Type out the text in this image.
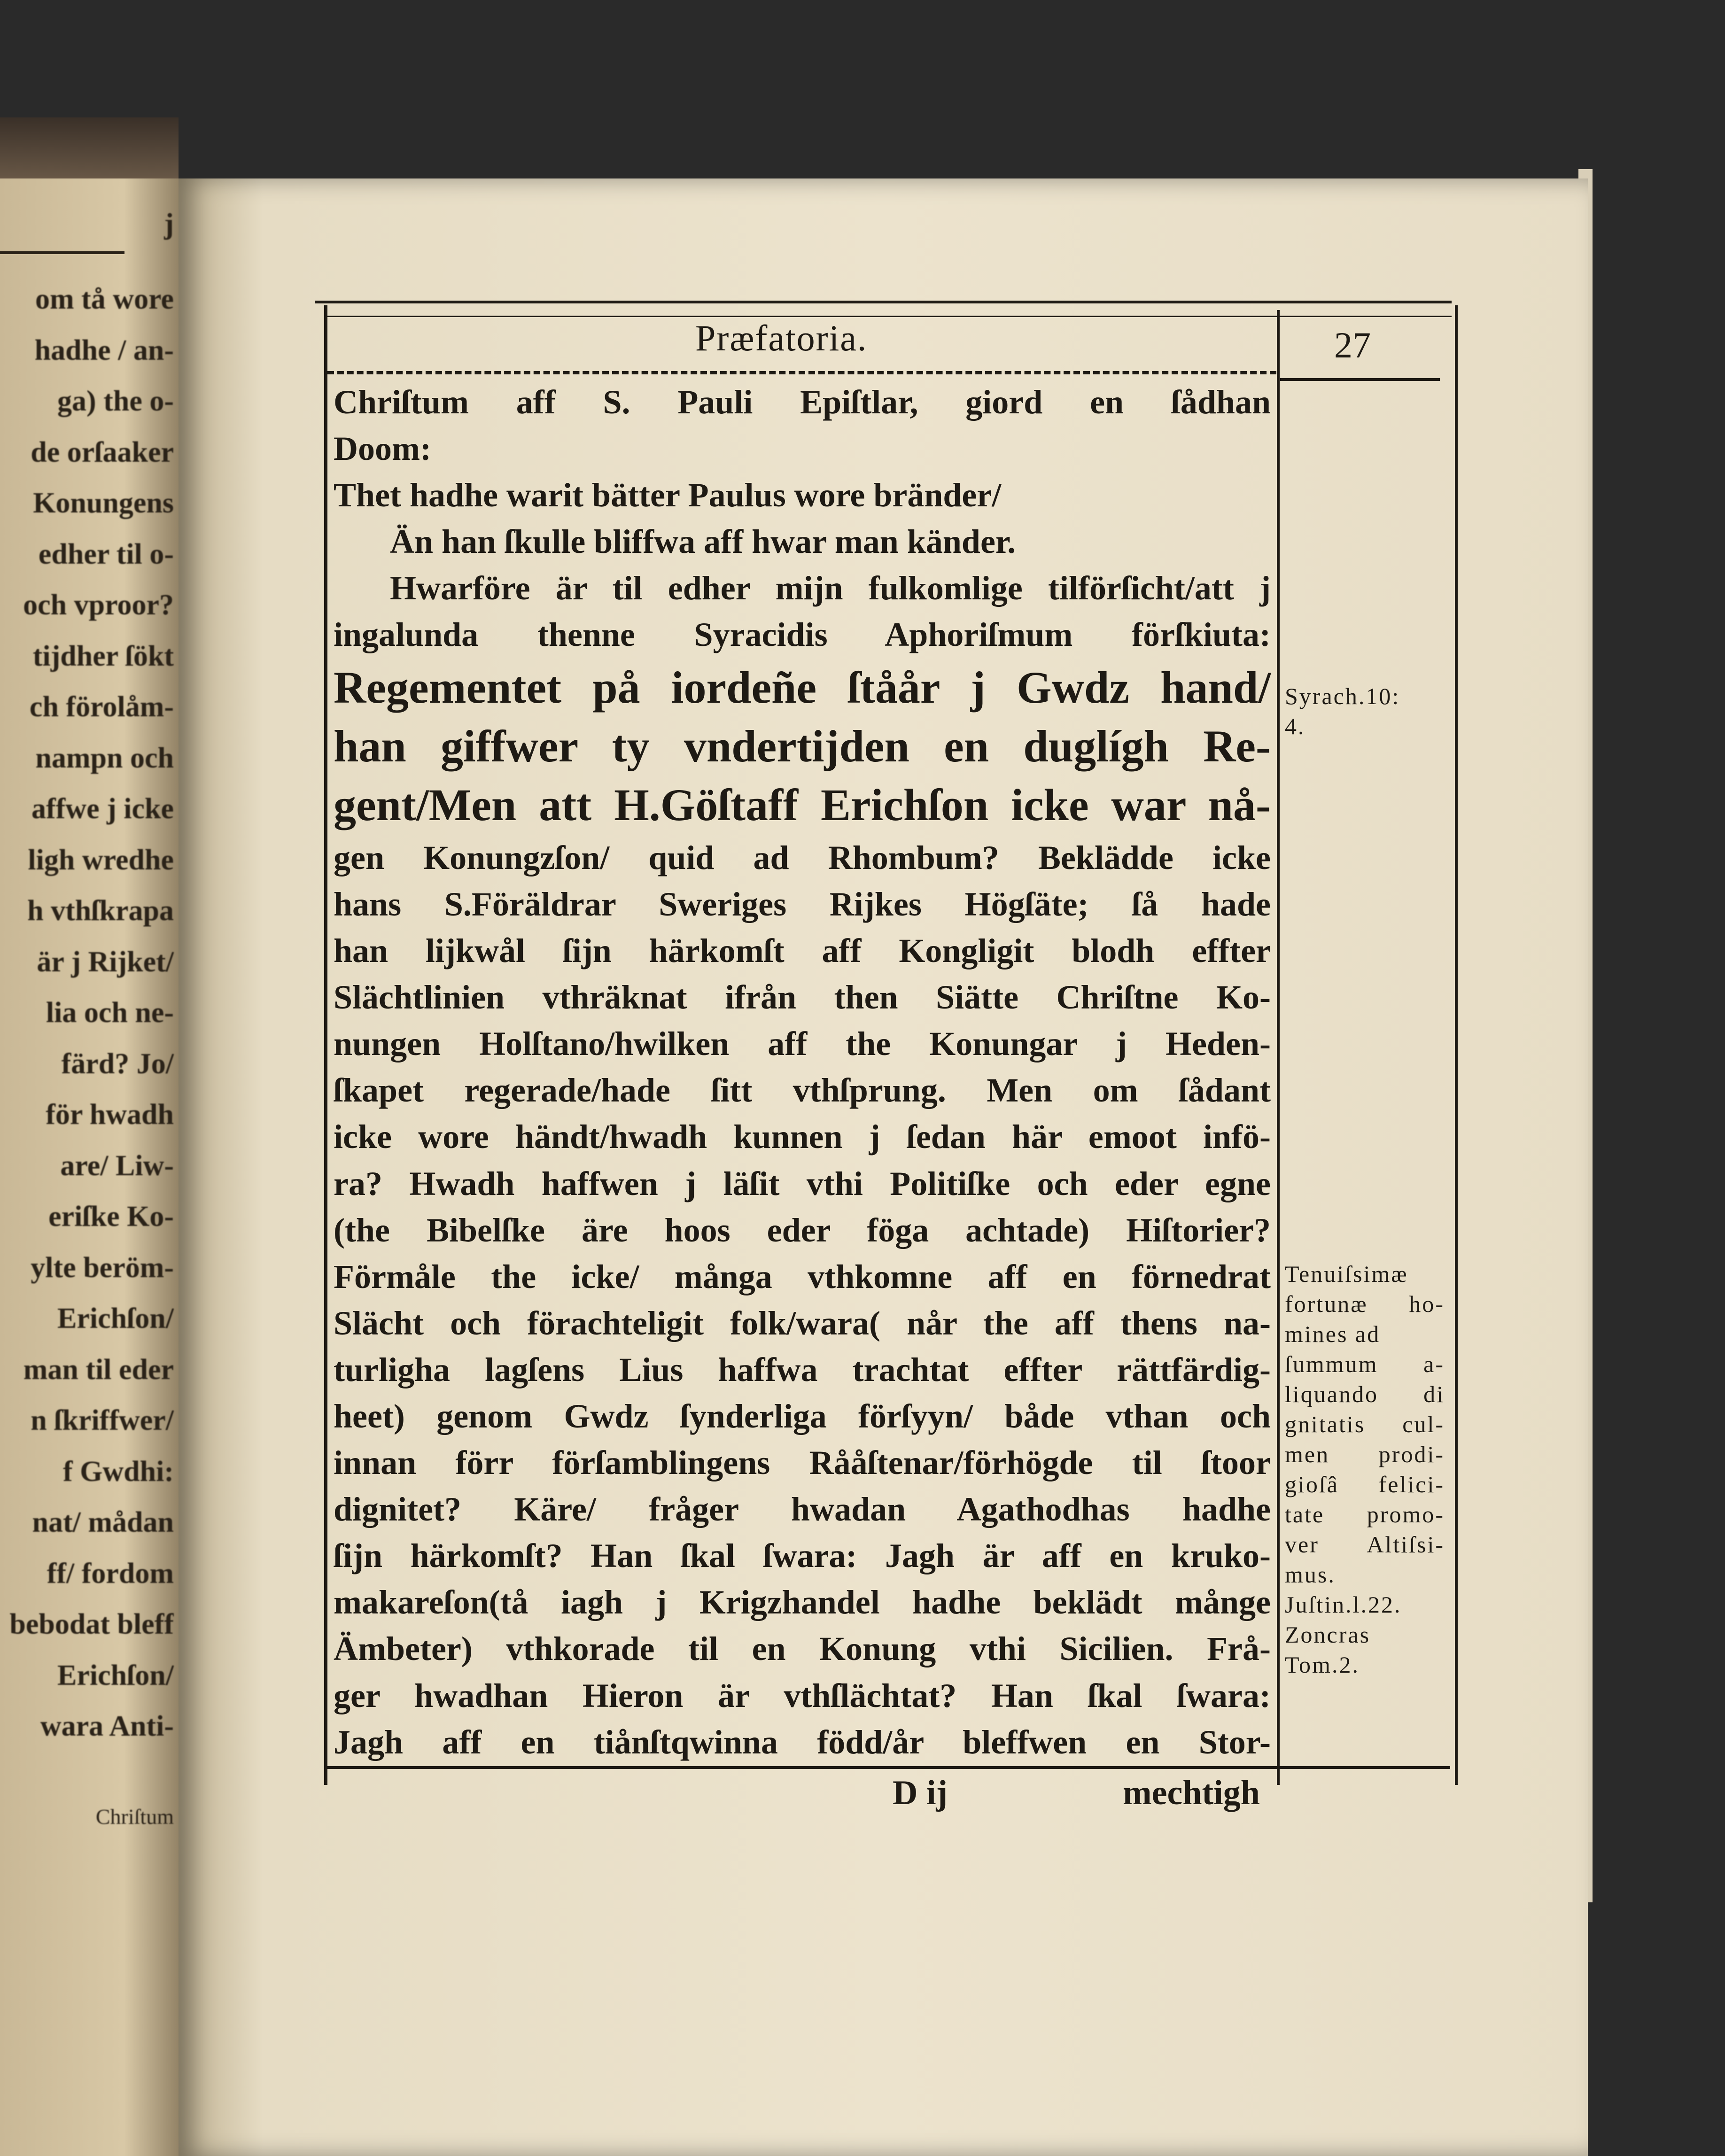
j
om tå wore
hadhe / an-
ga) the o-
de orſaaker
Konungens
edher til o-
och vproor?
tijdher ſökt
ch förolåm-
nampn och
affwe j icke
ligh wredhe
h vthſkrapa
är j Rijket/
lia och ne-
färd? Jo/
för hwadh
are/ Liw-
eriſke Ko-
ylte beröm-
Erichſon/
man til eder
n ſkriffwer/
f Gwdhi:
nat/ mådan
ff/ fordom
bebodat bleff
Erichſon/
wara Anti-
Chriſtum
Præfatoria.	27
Chriſtum aff S. Pauli Epiſtlar, giord en ſådhan
Doom:
Thet hadhe warit bätter Paulus wore bränder/
Än han ſkulle bliffwa aff hwar man känder.
Hwarföre är til edher mijn fulkomlige tilförſicht/att j
ingalunda thenne Syracidis Aphoriſmum förſkiuta:
Regementet på iordeñe ſtåår j Gwdz hand/
han giffwer ty vndertijden en duglígh Re-
gent/Men att H.Göſtaff Erichſon icke war nå-
gen Konungzſon/ quid ad Rhombum? Beklädde icke
hans S.Föräldrar Sweriges Rijkes Högſäte; ſå hade
han lijkwål ſijn härkomſt aff Kongligit blodh effter
Slächtlinien vthräknat ifrån then Siätte Chriſtne Ko-
nungen Holſtano/hwilken aff the Konungar j Heden-
ſkapet regerade/hade ſitt vthſprung. Men om ſådant
icke wore händt/hwadh kunnen j ſedan här emoot infö-
ra? Hwadh haffwen j läſit vthi Politiſke och eder egne
(the Bibelſke äre hoos eder föga achtade) Hiſtorier?
Förmåle the icke/ många vthkomne aff en förnedrat
Slächt och förachteligit folk/wara( når the aff thens na-
turligha lagſens Lius haffwa trachtat effter rättfärdig-
heet) genom Gwdz ſynderliga förſyyn/ både vthan och
innan förr förſamblingens Rååſtenar/förhögde til ſtoor
dignitet? Käre/ fråger hwadan Agathodhas hadhe
ſijn härkomſt? Han ſkal ſwara: Jagh är aff en kruko-
makareſon(tå iagh j Krigzhandel hadhe beklädt månge
Ämbeter) vthkorade til en Konung vthi Sicilien. Frå-
ger hwadhan Hieron är vthſlächtat? Han ſkal ſwara:
Jagh aff en tiånſtqwinna född/år bleffwen en Stor-
Syrach.10:
4.
Tenuiſsimæ
fortunæ ho-
mines ad
ſummum a-
liquando di
gnitatis cul-
men prodi-
gioſâ felici-
tate promo-
ver Altiſsi-
mus.
Juſtin.l.22.
Zoncras
Tom.2.
D ij	mechtigh
